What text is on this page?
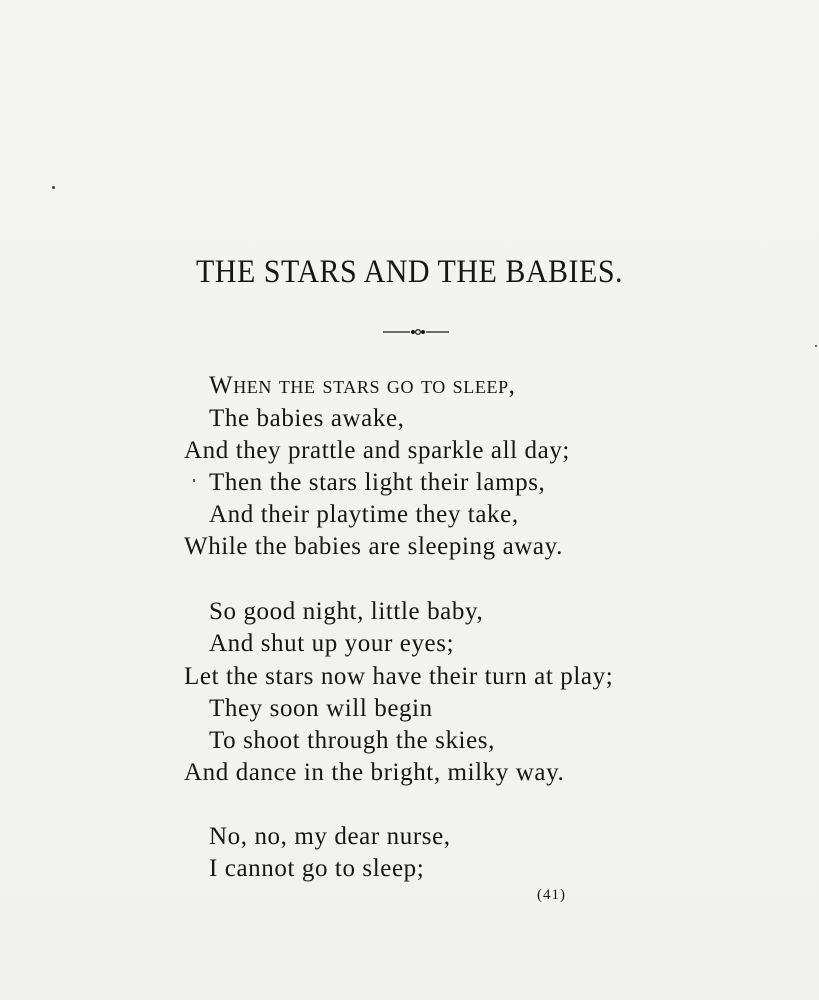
THE STARS AND THE BABIES.
When the stars go to sleep,
The babies awake,
And they prattle and sparkle all day;
Then the stars light their lamps,
And their playtime they take,
While the babies are sleeping away.
So good night, little baby,
And shut up your eyes;
Let the stars now have their turn at play;
They soon will begin
To shoot through the skies,
And dance in the bright, milky way.
No, no, my dear nurse,
I cannot go to sleep;
(41)
